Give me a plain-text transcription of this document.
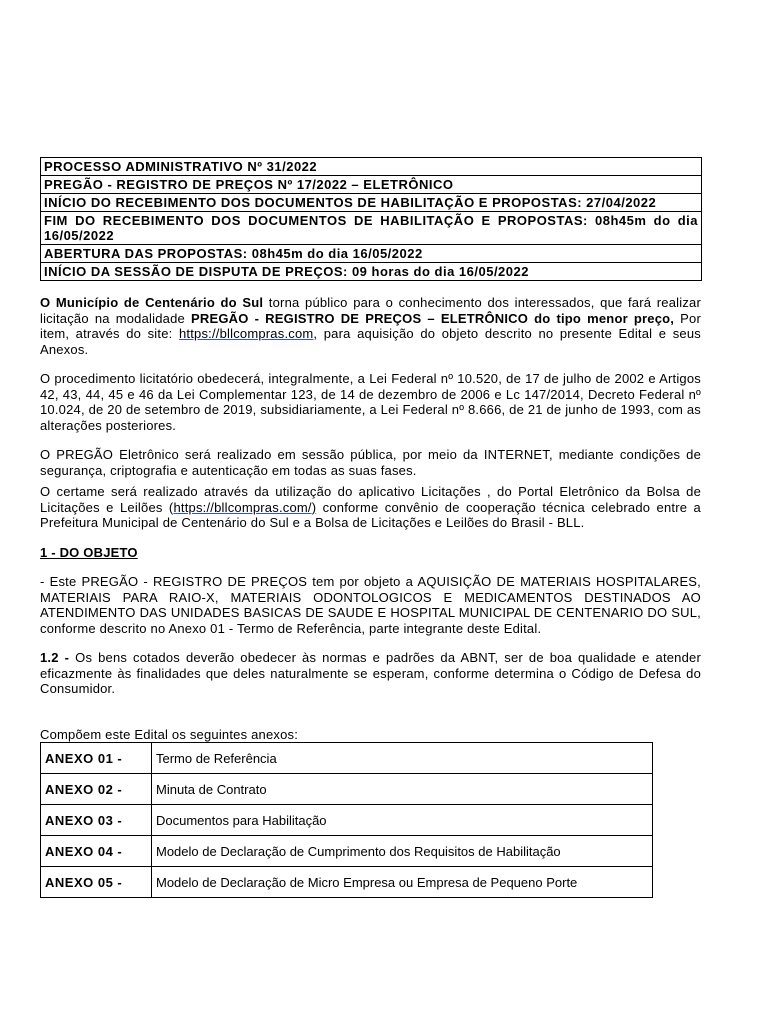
PROCESSO ADMINISTRATIVO Nº 31/2022
PREGÃO - REGISTRO DE PREÇOS Nº 17/2022 – ELETRÔNICO
INÍCIO DO RECEBIMENTO DOS DOCUMENTOS DE HABILITAÇÃO E PROPOSTAS: 27/04/2022
FIM DO RECEBIMENTO DOS DOCUMENTOS DE HABILITAÇÃO E PROPOSTAS: 08h45m do dia 16/05/2022
ABERTURA DAS PROPOSTAS: 08h45m do dia 16/05/2022
INÍCIO DA SESSÃO DE DISPUTA DE PREÇOS: 09 horas do dia 16/05/2022

O Município de Centenário do Sul torna público para o conhecimento dos interessados, que fará realizar licitação na modalidade PREGÃO - REGISTRO DE PREÇOS – ELETRÔNICO do tipo menor preço, Por item, através do site: https://bllcompras.com, para aquisição do objeto descrito no presente Edital e seus Anexos.

O procedimento licitatório obedecerá, integralmente, a Lei Federal nº 10.520, de 17 de julho de 2002 e Artigos 42, 43, 44, 45 e 46 da Lei Complementar 123, de 14 de dezembro de 2006 e Lc 147/2014, Decreto Federal nº 10.024, de 20 de setembro de 2019, subsidiariamente, a Lei Federal nº 8.666, de 21 de junho de 1993, com as alterações posteriores.

O PREGÃO Eletrônico será realizado em sessão pública, por meio da INTERNET, mediante condições de segurança, criptografia e autenticação em todas as suas fases.

O certame será realizado através da utilização do aplicativo Licitações , do Portal Eletrônico da Bolsa de Licitações e Leilões (https://bllcompras.com/) conforme convênio de cooperação técnica celebrado entre a Prefeitura Municipal de Centenário do Sul e a Bolsa de Licitações e Leilões do Brasil - BLL.

1 - DO OBJETO

- Este PREGÃO - REGISTRO DE PREÇOS tem por objeto a AQUISIÇÃO DE MATERIAIS HOSPITALARES, MATERIAIS PARA RAIO-X, MATERIAIS ODONTOLOGICOS E MEDICAMENTOS DESTINADOS AO ATENDIMENTO DAS UNIDADES BASICAS DE SAUDE E HOSPITAL MUNICIPAL DE CENTENARIO DO SUL, conforme descrito no Anexo 01 - Termo de Referência, parte integrante deste Edital.

1.2 - Os bens cotados deverão obedecer às normas e padrões da ABNT, ser de boa qualidade e atender eficazmente às finalidades que deles naturalmente se esperam, conforme determina o Código de Defesa do Consumidor.

Compõem este Edital os seguintes anexos:

ANEXO 01 -	Termo de Referência
ANEXO 02 -	Minuta de Contrato
ANEXO 03 -	Documentos para Habilitação
ANEXO 04 -	Modelo de Declaração de Cumprimento dos Requisitos de Habilitação
ANEXO 05 -	Modelo de Declaração de Micro Empresa ou Empresa de Pequeno Porte
